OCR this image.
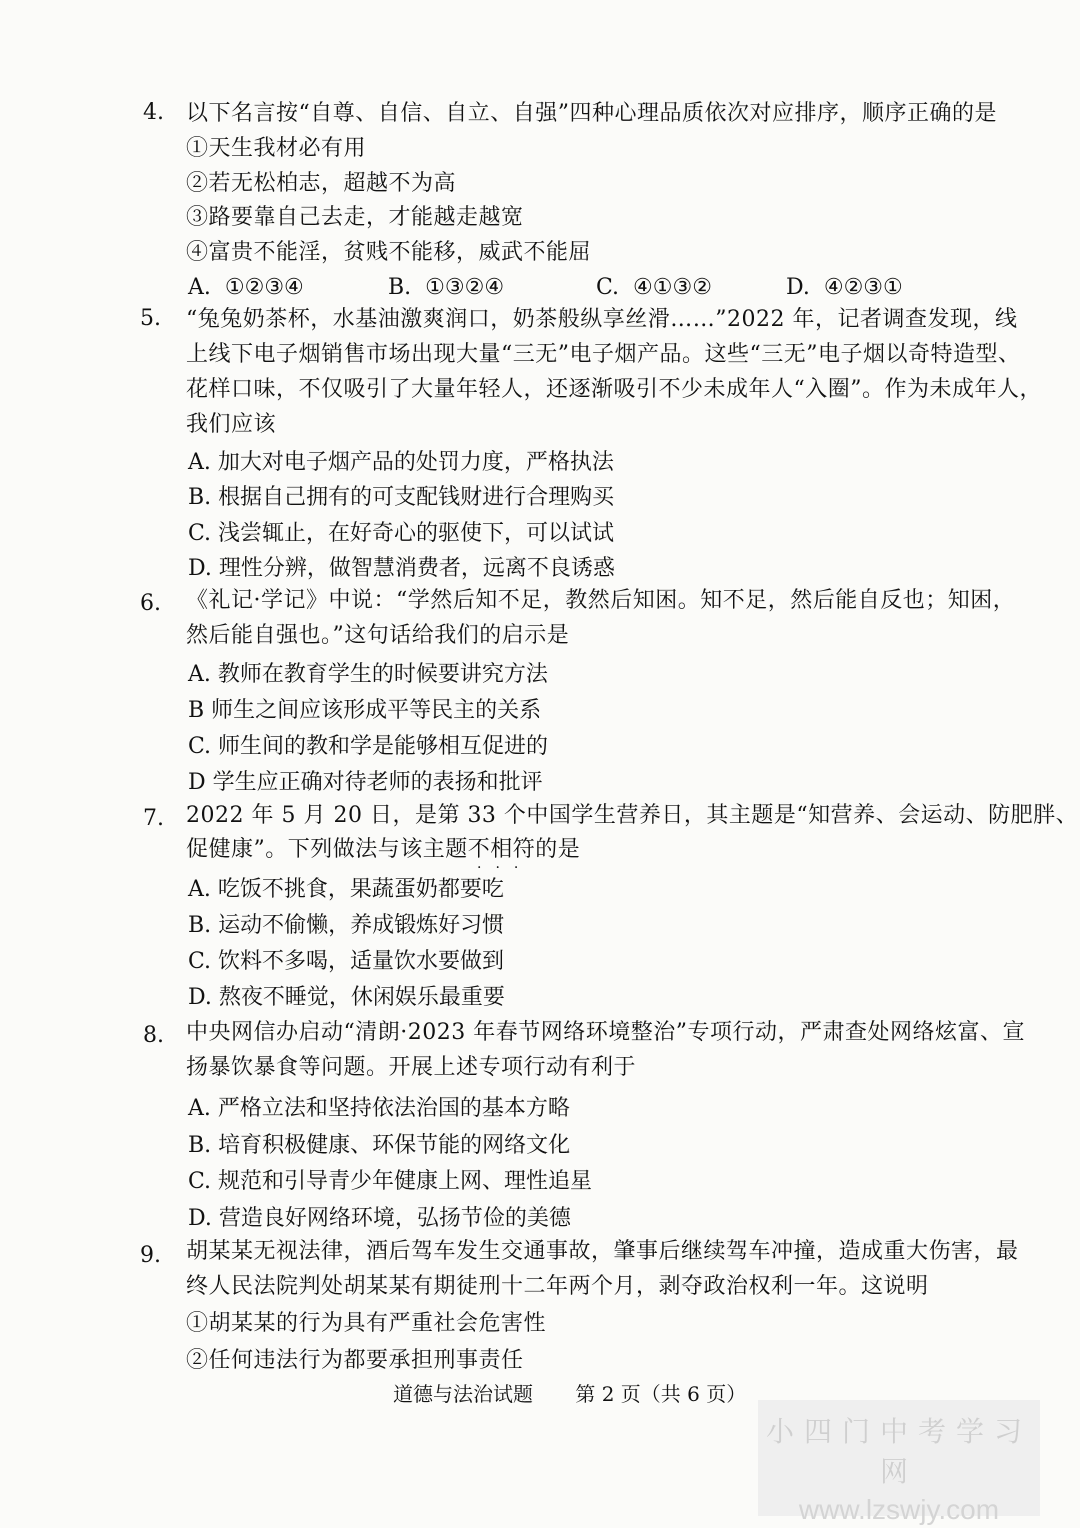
4. 以下名言按“自尊、自信、自立、自强”四种心理品质依次对应排序，顺序正确的是
①天生我材必有用
②若无松柏志，超越不为高
③路要靠自己去走，才能越走越宽
④富贵不能淫，贫贱不能移，威武不能屈
A. ①②③④	B. ①③②④	C. ④①③②	D. ④②③①
5. “兔兔奶茶杯，水基油激爽润口，奶茶般纵享丝滑……”2022 年，记者调查发现，线
上线下电子烟销售市场出现大量“三无”电子烟产品。这些“三无”电子烟以奇特造型、
花样口味，不仅吸引了大量年轻人，还逐渐吸引不少未成年人“入圈”。作为未成年人，
我们应该
A. 加大对电子烟产品的处罚力度，严格执法
B. 根据自己拥有的可支配钱财进行合理购买
C. 浅尝辄止，在好奇心的驱使下，可以试试
D. 理性分辨，做智慧消费者，远离不良诱惑
6. 《礼记·学记》中说：“学然后知不足，教然后知困。知不足，然后能自反也；知困，
然后能自强也。”这句话给我们的启示是
A. 教师在教育学生的时候要讲究方法
B 师生之间应该形成平等民主的关系
C. 师生间的教和学是能够相互促进的
D 学生应正确对待老师的表扬和批评
7. 2022 年 5 月 20 日，是第 33 个中国学生营养日，其主题是“知营养、会运动、防肥胖、
促健康”。下列做法与该主题不相符的是
···
A. 吃饭不挑食，果蔬蛋奶都要吃
B. 运动不偷懒，养成锻炼好习惯
C. 饮料不多喝，适量饮水要做到
D. 熬夜不睡觉，休闲娱乐最重要
8. 中央网信办启动“清朗·2023 年春节网络环境整治”专项行动，严肃查处网络炫富、宣
扬暴饮暴食等问题。开展上述专项行动有利于
A. 严格立法和坚持依法治国的基本方略
B. 培育积极健康、环保节能的网络文化
C. 规范和引导青少年健康上网、理性追星
D. 营造良好网络环境，弘扬节俭的美德
9. 胡某某无视法律，酒后驾车发生交通事故，肇事后继续驾车冲撞，造成重大伤害，最
终人民法院判处胡某某有期徒刑十二年两个月，剥夺政治权利一年。这说明
①胡某某的行为具有严重社会危害性
②任何违法行为都要承担刑事责任
道德与法治试题 第 2 页（共 6 页）
小四门中考学习网
www.lzswjy.com
